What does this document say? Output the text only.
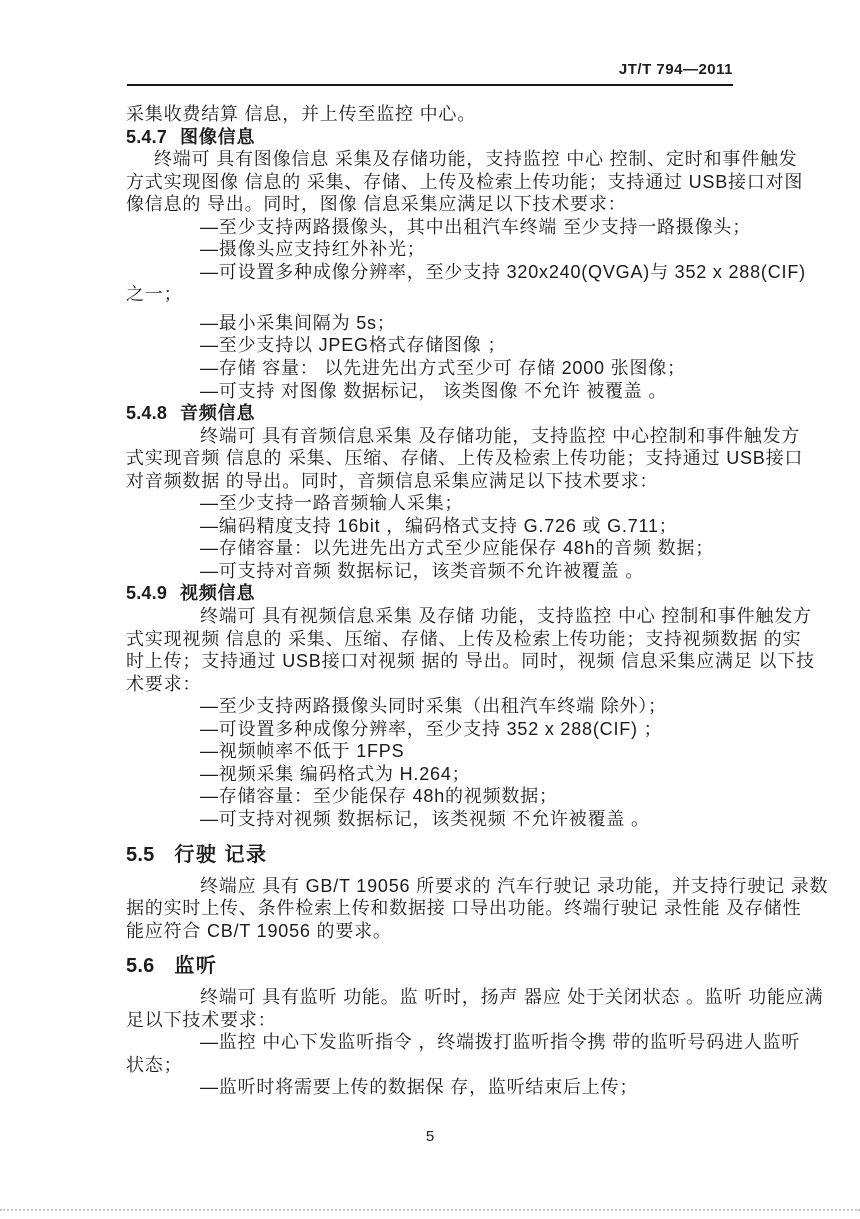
JT/T 794—2011
采集收费结算 信息，并上传至监控 中心。
5.4.7 图像信息
终端可 具有图像信息 采集及存储功能，支持监控 中心 控制、定时和事件触发
方式实现图像 信息的 采集、存储、上传及检索上传功能；支持通过 USB接口对图
像信息的 导出。同时，图像 信息采集应满足以下技术要求：
—至少支持两路摄像头，其中出租汽车终端 至少支持一路摄像头；
—摄像头应支持红外补光；
—可设置多种成像分辨率，至少支持 320x240(QVGA)与 352 x 288(CIF)
之一；
—最小采集间隔为 5s；
—至少支持以 JPEG格式存储图像 ；
—存储 容量： 以先进先出方式至少可 存储 2000 张图像；
—可支持 对图像 数据标记， 该类图像 不允许 被覆盖 。
5.4.8 音频信息
终端可 具有音频信息采集 及存储功能，支持监控 中心控制和事件触发方
式实现音频 信息的 采集、压缩、存储、上传及检索上传功能；支持通过 USB接口
对音频数据 的导出。同时，音频信息采集应满足以下技术要求：
—至少支持一路音频输人采集；
—编码精度支持 16bit ，编码格式支持 G.726 或 G.711；
—存储容量：以先进先出方式至少应能保存 48h的音频 数据；
—可支持对音频 数据标记，该类音频不允许被覆盖 。
5.4.9 视频信息
终端可 具有视频信息采集 及存储 功能，支持监控 中心 控制和事件触发方
式实现视频 信息的 采集、压缩、存储、上传及检索上传功能；支持视频数据 的实
时上传；支持通过 USB接口对视频 据的 导出。同时，视频 信息采集应满足 以下技
术要求：
—至少支持两路摄像头同时采集（出租汽车终端 除外）；
—可设置多种成像分辨率，至少支持 352 x 288(CIF) ；
—视频帧率不低于 1FPS
—视频采集 编码格式为 H.264；
—存储容量：至少能保存 48h的视频数据；
—可支持对视频 数据标记，该类视频 不允许被覆盖 。
5.5 行驶 记录
终端应 具有 GB/T 19056 所要求的 汽车行驶记 录功能，并支持行驶记 录数
据的实时上传、条件检索上传和数据接 口导出功能。终端行驶记 录性能 及存储性
能应符合 CB/T 19056 的要求。
5.6 监听
终端可 具有监听 功能。监 听时，扬声 器应 处于关闭状态 。监听 功能应满
足以下技术要求：
—监控 中心下发监听指令 ，终端拨打监听指令携 带的监听号码进人监听
状态；
—监听时将需要上传的数据保 存，监听结束后上传；
5
